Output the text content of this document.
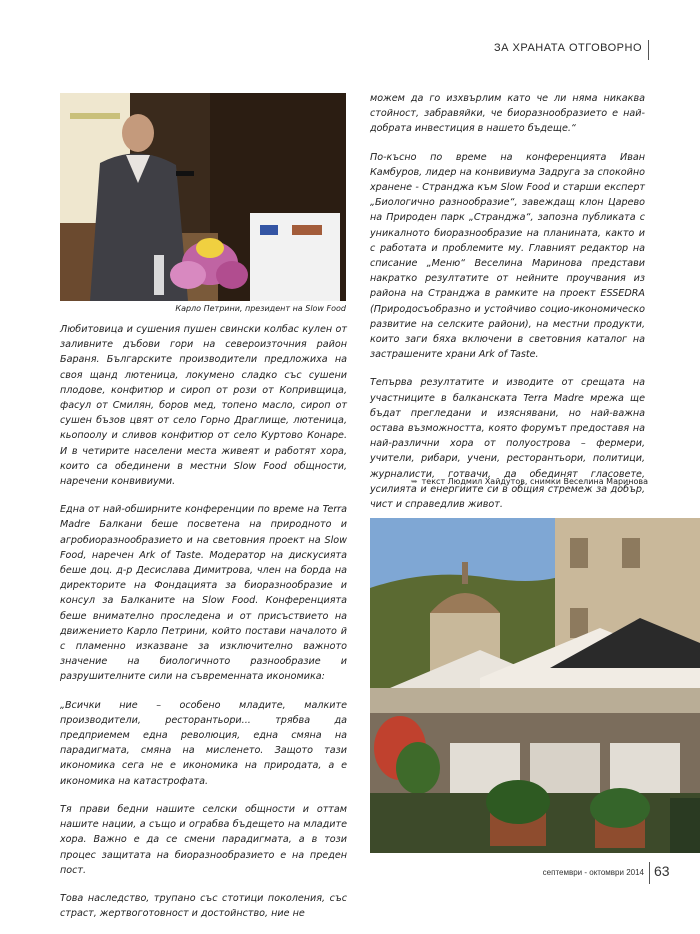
ЗА ХРАНАТА ОТГОВОРНО
Карло Петрини, президент на Slow Food

Любитовица и сушения пушен свински колбас кулен от заливните дъбови гори на североизточния район Бараня. Българските производители предложиха на своя щанд лютеница, локумено сладко със сушени плодове, конфитюр и сироп от рози от Копривщица, фасул от Смилян, боров мед, топено масло, сироп от сушен бъзов цвят от село Горно Драглище, лютеница, кьопоолу и сливов конфитюр от село Куртово Конаре. И в четирите населени места живеят и работят хора, които са обединени в местни Slow Food общности, наречени конвивиуми.

Една от най-обширните конференции по време на Terra Madre Балкани беше посветена на природното и агробиоразнообразието и на световния проект на Slow Food, наречен Ark of Taste. Модератор на дискусията беше доц. д-р Десислава Димитрова, член на борда на директорите на Фондацията за биоразнообразие и консул за Балканите на Slow Food. Конференцията беше внимателно проследена и от присъствието на движението Карло Петрини, който постави началото й с пламенно изказване за изключително важното значение на биологичното разнообразие и разрушителните сили на съвременната икономика:

„Всички ние – особено младите, малките производители, ресторантьори... трябва да предприемем една революция, една смяна на парадигмата, смяна на мисленето. Защото тази икономика сега не е икономика на природата, а е икономика на катастрофата.

Тя прави бедни нашите селски общности и оттам нашите нации, а също и ограбва бъдещето на младите хора. Важно е да се смени парадигмата, а в този процес защитата на биоразнообразието е на преден пост.

Това наследство, трупано със стотици поколения, със страст, жертвоготовност и достойнство, ние не

можем да го изхвърлим като че ли няма никаква стойност, забравяйки, че биоразнообразието е най-добрата инвестиция в нашето бъдеще.“

По-късно по време на конференцията Иван Камбуров, лидер на конвивиума Задруга за спокойно хранене - Странджа към Slow Food и старши експерт „Биологично разнообразие“, завеждащ клон Царево на Природен парк „Странджа“, запозна публиката с уникалното биоразнообразие на планината, както и с работата и проблемите му. Главният редактор на списание „Меню“ Веселина Маринова представи накратко резултатите от нейните проучвания из района на Странджа в рамките на проект ESSEDRA (Природосъобразно и устойчиво социо-икономическо развитие на селските райони), на местни продукти, които заги бяха включени в световния каталог на застрашените храни Ark of Taste.

Тепърва резултатите и изводите от срещата на участниците в балканската Terra Madre мрежа ще бъдат прегледани и изяснявани, но най-важна остава възможността, която форумът предоставя на най-различни хора от полуострова – фермери, учители, рибари, учени, ресторантьори, политици, журналисти, готвачи, да обединят гласовете, усилията и енергиите си в общия стремеж за добър, чист и справедлив живот.

➥ текст Людмил Хайдутов, снимки Веселина Маринова
септември - октомври 2014 63
